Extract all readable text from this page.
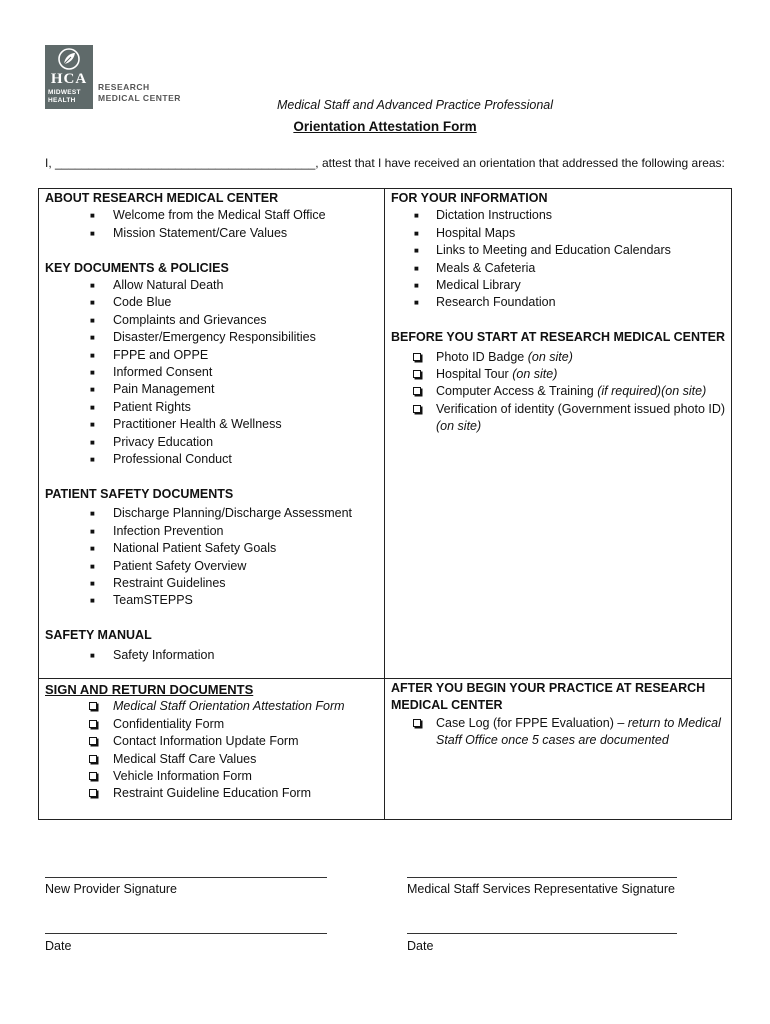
HCA
MIDWEST
HEALTH
RESEARCH
MEDICAL CENTER	Medical Staff and Advanced Practice Professional
Orientation Attestation Form
I, _______________________________________, attest that I have received an orientation that addressed the following areas:
ABOUT RESEARCH MEDICAL CENTER
■ Welcome from the Medical Staff Office
■ Mission Statement/Care Values
KEY DOCUMENTS & POLICIES
■ Allow Natural Death
■ Code Blue
■ Complaints and Grievances
■ Disaster/Emergency Responsibilities
■ FPPE and OPPE
■ Informed Consent
■ Pain Management
■ Patient Rights
■ Practitioner Health & Wellness
■ Privacy Education
■ Professional Conduct
PATIENT SAFETY DOCUMENTS
■ Discharge Planning/Discharge Assessment
■ Infection Prevention
■ National Patient Safety Goals
■ Patient Safety Overview
■ Restraint Guidelines
■ TeamSTEPPS
SAFETY MANUAL
■ Safety Information
FOR YOUR INFORMATION
■ Dictation Instructions
■ Hospital Maps
■ Links to Meeting and Education Calendars
■ Meals & Cafeteria
■ Medical Library
■ Research Foundation
BEFORE YOU START AT RESEARCH MEDICAL CENTER
Photo ID Badge (on site)
Hospital Tour (on site)
Computer Access & Training (if required)(on site)
Verification of identity (Government issued photo ID) (on site)
SIGN AND RETURN DOCUMENTS
Medical Staff Orientation Attestation Form
Confidentiality Form
Contact Information Update Form
Medical Staff Care Values
Vehicle Information Form
Restraint Guideline Education Form
AFTER YOU BEGIN YOUR PRACTICE AT RESEARCH
MEDICAL CENTER
Case Log (for FPPE Evaluation) – return to Medical Staff Office once 5 cases are documented
New Provider Signature	Medical Staff Services Representative Signature
Date	Date
